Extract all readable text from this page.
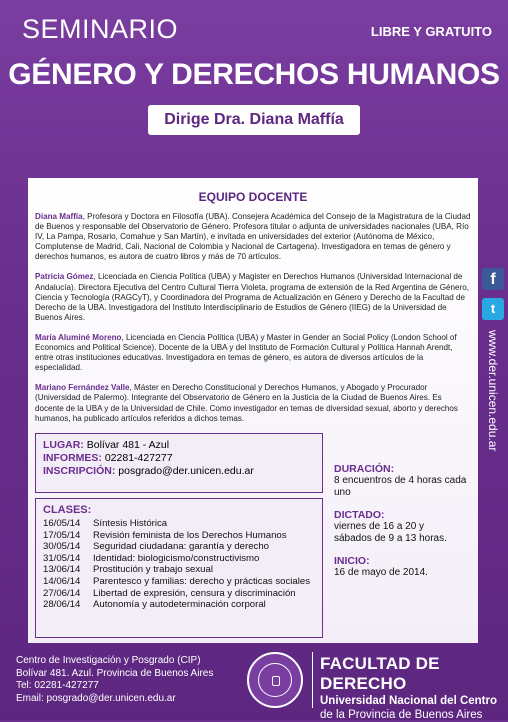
SEMINARIO	LIBRE Y GRATUITO
GÉNERO Y DERECHOS HUMANOS
Dirige Dra. Diana Maffía
EQUIPO DOCENTE

Diana Maffía, Profesora y Doctora en Filosofía (UBA). Consejera Académica del Consejo de la Magistratura de la Ciudad de Buenos y responsable del Observatorio de Género. Profesora titular o adjunta de universidades nacionales (UBA, Río IV, La Pampa, Rosario, Comahue y San Martín), e invitada en universidades del exterior (Autónoma de México, Complutense de Madrid, Cali, Nacional de Colombia y Nacional de Cartagena). Investigadora en temas de género y derechos humanos, es autora de cuatro libros y más de 70 artículos.

Patricia Gómez, Licenciada en Ciencia Política (UBA) y Magister en Derechos Humanos (Universidad Internacional de Andalucía). Directora Ejecutiva del Centro Cultural Tierra Violeta, programa de extensión de la Red Argentina de Género, Ciencia y Tecnología (RAGCyT), y Coordinadora del Programa de Actualización en Género y Derecho de la Facultad de Derecho de la UBA. Investigadora del Instituto Interdisciplinario de Estudios de Género (IIEG) de la Universidad de Buenos Aires.

María Aluminé Moreno, Licenciada en Ciencia Política (UBA) y Master in Gender an Social Policy (London School of Economics and Political Science). Docente de la UBA y del Instituto de Formación Cultural y Política Hannah Arendt, entre otras instituciones educativas. Investigadora en temas de género, es autora de diversos artículos de la especialidad.

Mariano Fernández Valle, Máster en Derecho Constitucional y Derechos Humanos, y Abogado y Procurador (Universidad de Palermo). Integrante del Observatorio de Género en la Justicia de la Ciudad de Buenos Aires. Es docente de la UBA y de la Universidad de Chile. Como investigador en temas de diversidad sexual, aborto y derechos humanos, ha publicado artículos referidos a dichos temas.

LUGAR: Bolívar 481 - Azul
INFORMES: 02281-427277
INSCRIPCIÓN: posgrado@der.unicen.edu.ar
CLASES:
16/05/14	Síntesis Histórica
17/05/14	Revisión feminista de los Derechos Humanos
30/05/14	Seguridad ciudadana: garantía y derecho
31/05/14	Identidad: biologicismo/constructivismo
13/06/14	Prostitución y trabajo sexual
14/06/14	Parentesco y familias: derecho y prácticas sociales
27/06/14	Libertad de expresión, censura y discriminación
28/06/14	Autonomía y autodeterminación corporal
DURACIÓN:
8 encuentros de 4 horas cada uno
DICTADO:
viernes de 16 a 20 y
sábados de 9 a 13 horas.
INICIO:
16 de mayo de 2014.
f
t
www.der.unicen.edu.ar
Centro de Investigación y Posgrado (CIP)
Bolívar 481. Azul. Provincia de Buenos Aires
Tel: 02281-427277
Email: posgrado@der.unicen.edu.ar
FACULTAD DE DERECHO
Universidad Nacional del Centro
de la Provincia de Buenos Aires
